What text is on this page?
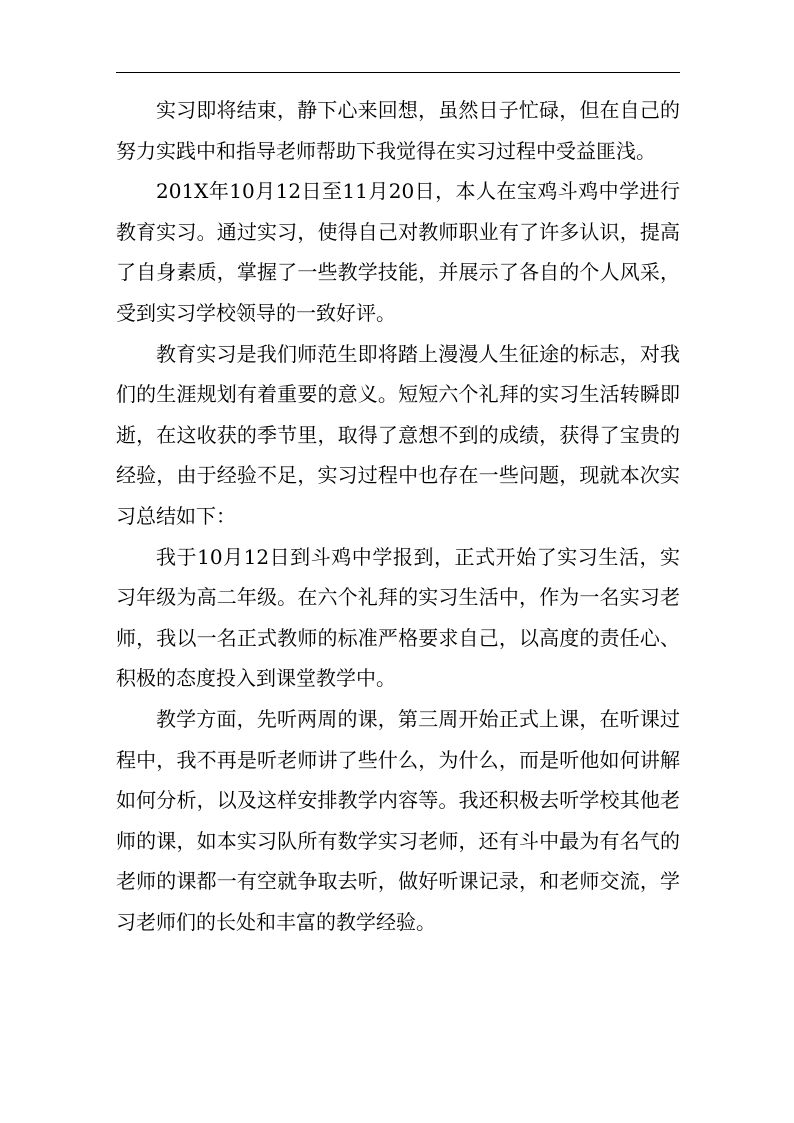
实习即将结束，静下心来回想，虽然日子忙碌，但在自己的努力实践中和指导老师帮助下我觉得在实习过程中受益匪浅。

201X年10月12日至11月20日，本人在宝鸡斗鸡中学进行教育实习。通过实习，使得自己对教师职业有了许多认识，提高了自身素质，掌握了一些教学技能，并展示了各自的个人风采，受到实习学校领导的一致好评。

教育实习是我们师范生即将踏上漫漫人生征途的标志，对我们的生涯规划有着重要的意义。短短六个礼拜的实习生活转瞬即逝，在这收获的季节里，取得了意想不到的成绩，获得了宝贵的经验，由于经验不足，实习过程中也存在一些问题，现就本次实习总结如下：

我于10月12日到斗鸡中学报到，正式开始了实习生活，实习年级为高二年级。在六个礼拜的实习生活中，作为一名实习老师，我以一名正式教师的标准严格要求自己，以高度的责任心、积极的态度投入到课堂教学中。

教学方面，先听两周的课，第三周开始正式上课，在听课过程中，我不再是听老师讲了些什么，为什么，而是听他如何讲解如何分析，以及这样安排教学内容等。我还积极去听学校其他老师的课，如本实习队所有数学实习老师，还有斗中最为有名气的老师的课都一有空就争取去听，做好听课记录，和老师交流，学习老师们的长处和丰富的教学经验。
